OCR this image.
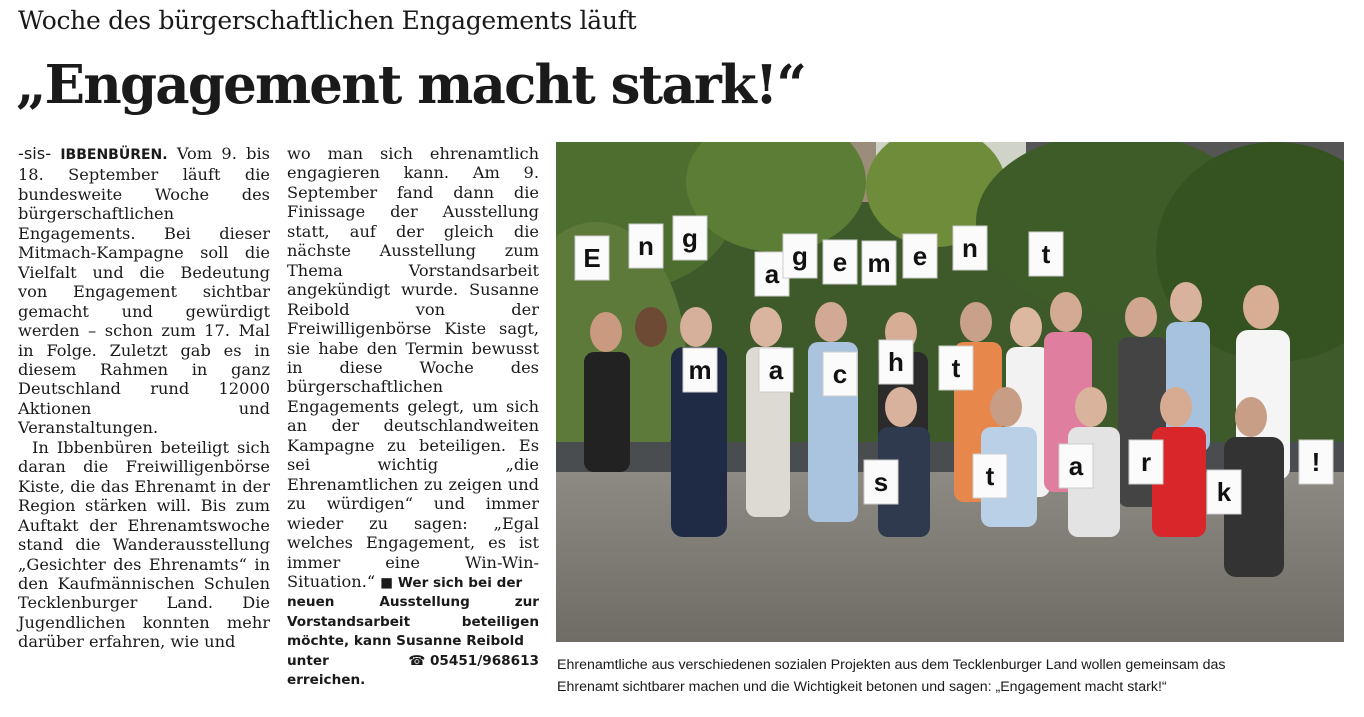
Woche des bürgerschaftlichen Engagements läuft
„Engagement macht stark!“

-sis- IBBENBÜREN. Vom 9. bis 18. September läuft die bundesweite Woche des bürgerschaftlichen Engagements. Bei dieser Mitmach-Kampagne soll die Vielfalt und die Bedeutung von Engagement sichtbar gemacht und gewürdigt werden – schon zum 17. Mal in Folge. Zuletzt gab es in diesem Rahmen in ganz Deutschland rund 12000 Aktionen und Veranstaltungen.

In Ibbenbüren beteiligt sich daran die Freiwilligenbörse Kiste, die das Ehrenamt in der Region stärken will. Bis zum Auftakt der Ehrenamtswoche stand die Wanderausstellung „Gesichter des Ehrenamts“ in den Kaufmännischen Schulen Tecklenburger Land. Die Jugendlichen konnten mehr darüber erfahren, wie und

wo man sich ehrenamtlich engagieren kann. Am 9. September fand dann die Finissage der Ausstellung statt, auf der gleich die nächste Ausstellung zum Thema Vorstandsarbeit angekündigt wurde. Susanne Reibold von der Freiwilligenbörse Kiste sagt, sie habe den Termin bewusst in diese Woche des bürgerschaftlichen Engagements gelegt, um sich an der deutschlandweiten Kampagne zu beteiligen. Es sei wichtig „die Ehrenamtlichen zu zeigen und zu würdigen“ und immer wieder zu sagen: „Egal welches Engagement, es ist immer eine Win-Win-Situation.“ ■ Wer sich bei der

neuen Ausstellung zur Vorstandsarbeit beteiligen möchte, kann Susanne Reibold

unter	☎ 05451/968613
erreichen.
E n g
a
g e m e n t
m a c h t
s	t	a r
k
!

Ehrenamtliche aus verschiedenen sozialen Projekten aus dem Tecklenburger Land wollen gemeinsam das

Ehrenamt sichtbarer machen und die Wichtigkeit betonen und sagen: „Engagement macht stark!“
